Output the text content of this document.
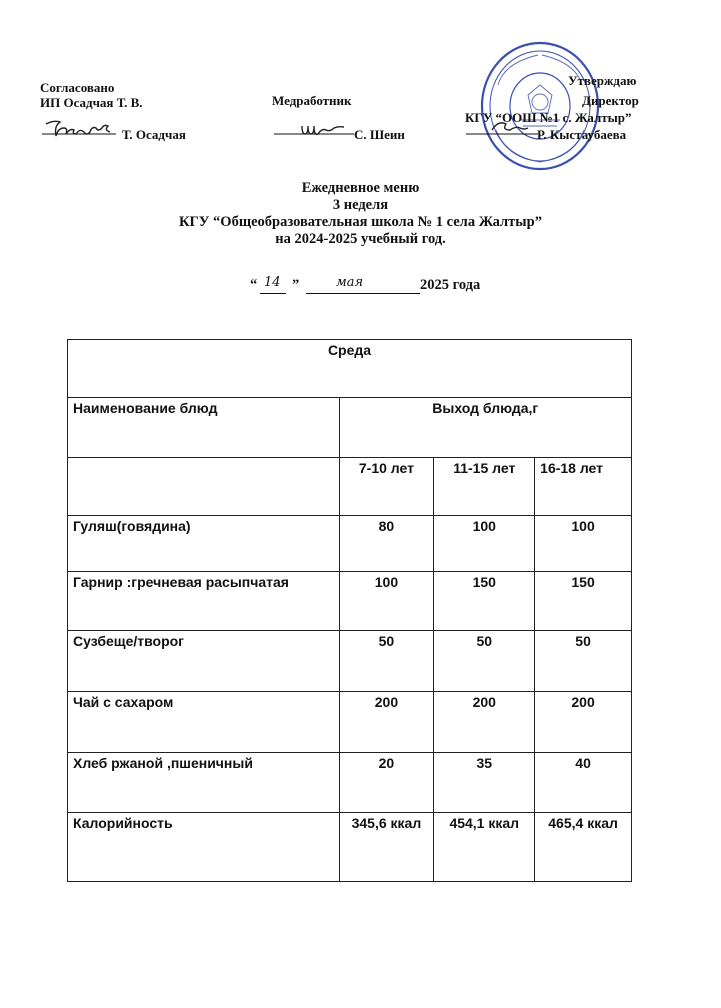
Согласовано
ИП Осадчая Т. В.
Т. Осадчая
Медработник
С. Шеин
Утверждаю
Директор
КГУ “ООШ №1 с. Жалтыр”
Р. Кыстаубаева
Ежедневное меню
3 неделя
КГУ “Общеобразовательная школа № 1 села Жалтыр”
на 2024-2025 учебный год.
“ 14 ”	мая	2025 года
Среда			
Наименование блюд	Выход блюда,г		
	7-10 лет	11-15 лет	16-18 лет
Гуляш(говядина)	80	100	100
Гарнир :гречневая расыпчатая	100	150	150
Сузбеще/творог	50	50	50
Чай с сахаром	200	200	200
Хлеб ржаной ,пшеничный	20	35	40
Калорийность	345,6 ккал	454,1 ккал	465,4 ккал
